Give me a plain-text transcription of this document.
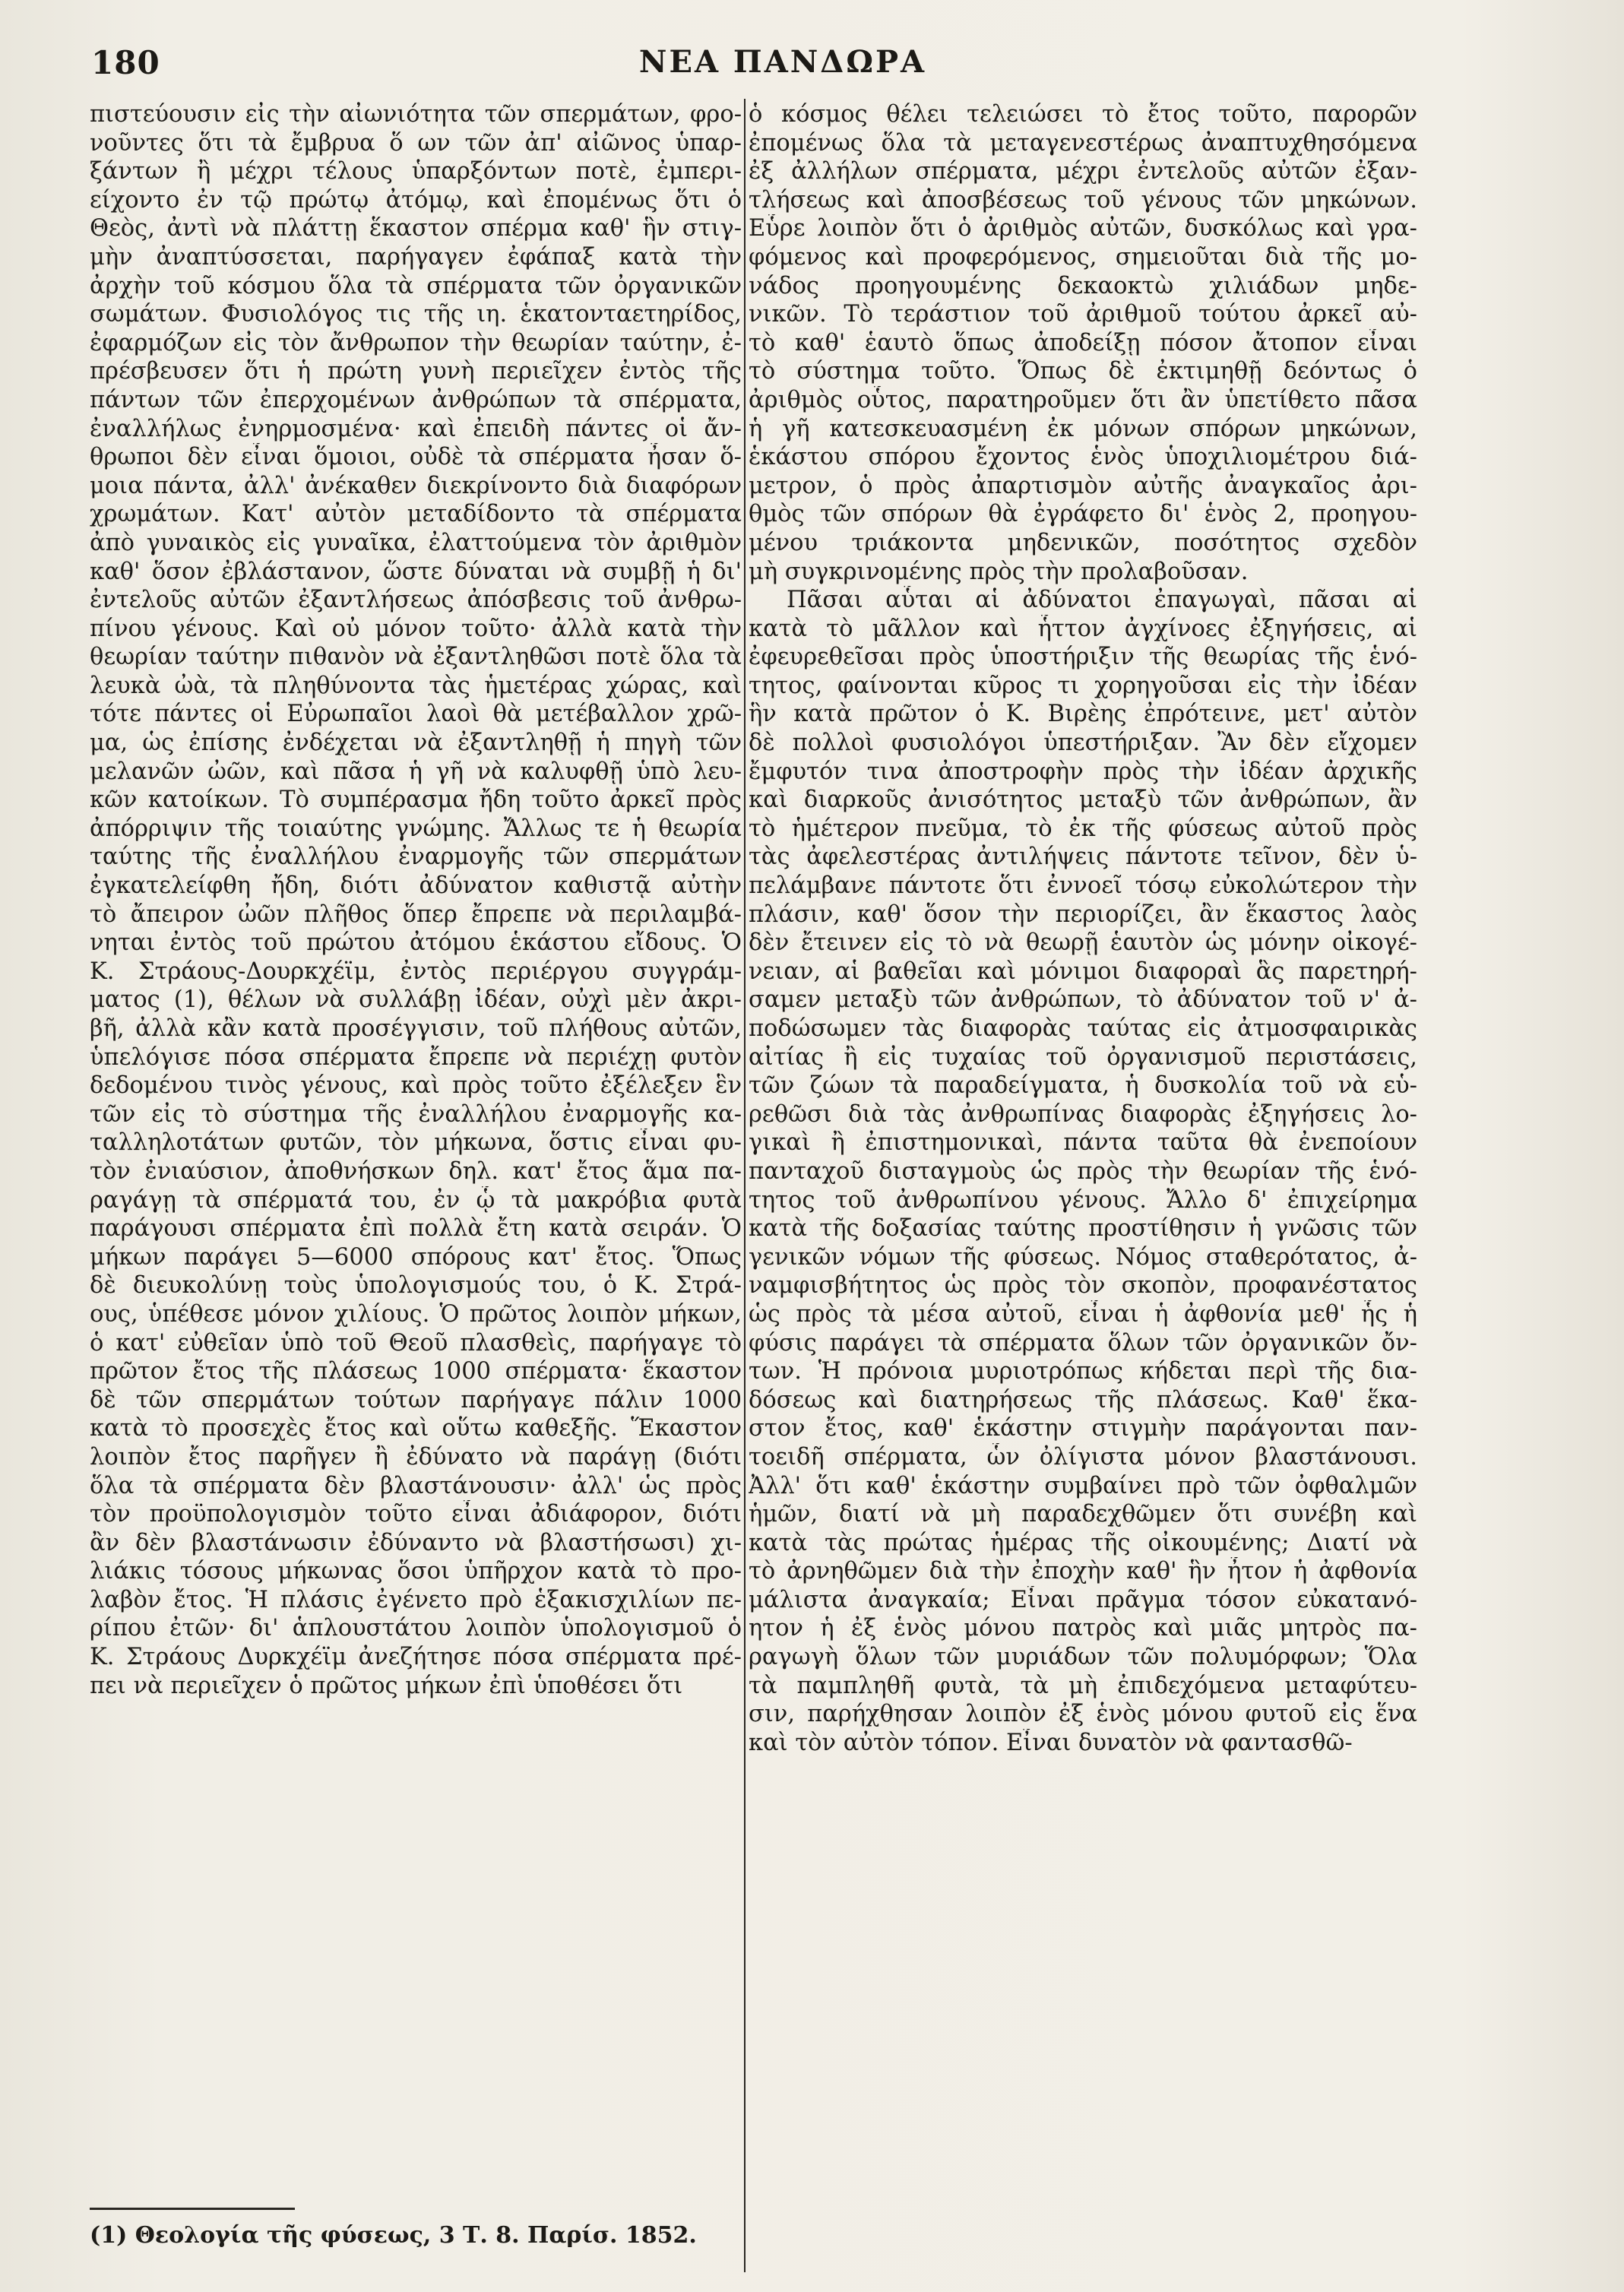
180	ΝΕΑ ΠΑΝΔΩΡΑ
πιστεύουσιν εἰς τὴν αἰωνιότητα τῶν σπερμάτων, φρο-
νοῦντες ὅτι τὰ ἔμβρυα ὅ ων τῶν ἀπ' αἰῶνος ὑπαρ-
ξάντων ἢ μέχρι τέλους ὑπαρξόντων ποτὲ, ἐμπερι-
είχοντο ἐν τῷ πρώτῳ ἀτόμῳ, καὶ ἐπομένως ὅτι ὁ
Θεὸς, ἀντὶ νὰ πλάττῃ ἕκαστον σπέρμα καθ' ἣν στιγ-
μὴν ἀναπτύσσεται, παρήγαγεν ἐφάπαξ κατὰ τὴν
ἀρχὴν τοῦ κόσμου ὅλα τὰ σπέρματα τῶν ὀργανικῶν
σωμάτων. Φυσιολόγος τις τῆς ιη. ἑκατονταετηρίδος,
ἐφαρμόζων εἰς τὸν ἄνθρωπον τὴν θεωρίαν ταύτην, ἐ-
πρέσβευσεν ὅτι ἡ πρώτη γυνὴ περιεῖχεν ἐντὸς τῆς
πάντων τῶν ἐπερχομένων ἀνθρώπων τὰ σπέρματα,
ἐναλλήλως ἐνηρμοσμένα· καὶ ἐπειδὴ πάντες οἱ ἄν-
θρωποι δὲν εἶναι ὅμοιοι, οὐδὲ τὰ σπέρματα ἦσαν ὅ-
μοια πάντα, ἀλλ' ἀνέκαθεν διεκρίνοντο διὰ διαφόρων
χρωμάτων. Κατ' αὐτὸν μεταδίδοντο τὰ σπέρματα
ἀπὸ γυναικὸς εἰς γυναῖκα, ἐλαττούμενα τὸν ἀριθμὸν
καθ' ὅσον ἐβλάστανον, ὥστε δύναται νὰ συμβῇ ἡ δι'
ἐντελοῦς αὐτῶν ἐξαντλήσεως ἀπόσβεσις τοῦ ἀνθρω-
πίνου γένους. Καὶ οὐ μόνον τοῦτο· ἀλλὰ κατὰ τὴν
θεωρίαν ταύτην πιθανὸν νὰ ἐξαντληθῶσι ποτὲ ὅλα τὰ
λευκὰ ὠὰ, τὰ πληθύνοντα τὰς ἡμετέρας χώρας, καὶ
τότε πάντες οἱ Εὐρωπαῖοι λαοὶ θὰ μετέβαλλον χρῶ-
μα, ὡς ἐπίσης ἐνδέχεται νὰ ἐξαντληθῇ ἡ πηγὴ τῶν
μελανῶν ὠῶν, καὶ πᾶσα ἡ γῆ νὰ καλυφθῇ ὑπὸ λευ-
κῶν κατοίκων. Τὸ συμπέρασμα ἤδη τοῦτο ἀρκεῖ πρὸς
ἀπόρριψιν τῆς τοιαύτης γνώμης. Ἄλλως τε ἡ θεωρία
ταύτης τῆς ἐναλλήλου ἐναρμογῆς τῶν σπερμάτων
ἐγκατελείφθη ἤδη, διότι ἀδύνατον καθιστᾷ αὐτὴν
τὸ ἄπειρον ὠῶν πλῆθος ὅπερ ἔπρεπε νὰ περιλαμβά-
νηται ἐντὸς τοῦ πρώτου ἀτόμου ἑκάστου εἴδους. Ὁ
Κ. Στράους-Δουρκχέϊμ, ἐντὸς περιέργου συγγράμ-
ματος (1), θέλων νὰ συλλάβῃ ἰδέαν, οὐχὶ μὲν ἀκρι-
βῆ, ἀλλὰ κἂν κατὰ προσέγγισιν, τοῦ πλήθους αὐτῶν,
ὑπελόγισε πόσα σπέρματα ἔπρεπε νὰ περιέχῃ φυτὸν
δεδομένου τινὸς γένους, καὶ πρὸς τοῦτο ἐξέλεξεν ἓν
τῶν εἰς τὸ σύστημα τῆς ἐναλλήλου ἐναρμογῆς κα-
ταλληλοτάτων φυτῶν, τὸν μήκωνα, ὅστις εἶναι φυ-
τὸν ἐνιαύσιον, ἀποθνήσκων δηλ. κατ' ἔτος ἅμα πα-
ραγάγῃ τὰ σπέρματά του, ἐν ᾧ τὰ μακρόβια φυτὰ
παράγουσι σπέρματα ἐπὶ πολλὰ ἔτη κατὰ σειράν. Ὁ
μήκων παράγει 5—6000 σπόρους κατ' ἔτος. Ὅπως
δὲ διευκολύνῃ τοὺς ὑπολογισμούς του, ὁ Κ. Στρά-
ους, ὑπέθεσε μόνον χιλίους. Ὁ πρῶτος λοιπὸν μήκων,
ὁ κατ' εὐθεῖαν ὑπὸ τοῦ Θεοῦ πλασθεὶς, παρήγαγε τὸ
πρῶτον ἔτος τῆς πλάσεως 1000 σπέρματα· ἕκαστον
δὲ τῶν σπερμάτων τούτων παρήγαγε πάλιν 1000
κατὰ τὸ προσεχὲς ἔτος καὶ οὕτω καθεξῆς. Ἕκαστον
λοιπὸν ἔτος παρῆγεν ἢ ἐδύνατο νὰ παράγῃ (διότι
ὅλα τὰ σπέρματα δὲν βλαστάνουσιν· ἀλλ' ὡς πρὸς
τὸν προϋπολογισμὸν τοῦτο εἶναι ἀδιάφορον, διότι
ἂν δὲν βλαστάνωσιν ἐδύναντο νὰ βλαστήσωσι) χι-
λιάκις τόσους μήκωνας ὅσοι ὑπῆρχον κατὰ τὸ προ-
λαβὸν ἔτος. Ἡ πλάσις ἐγένετο πρὸ ἑξακισχιλίων πε-
ρίπου ἐτῶν· δι' ἁπλουστάτου λοιπὸν ὑπολογισμοῦ ὁ
Κ. Στράους Δυρκχέϊμ ἀνεζήτησε πόσα σπέρματα πρέ-
πει νὰ περιεῖχεν ὁ πρῶτος μήκων ἐπὶ ὑποθέσει ὅτι
ὁ κόσμος θέλει τελειώσει τὸ ἔτος τοῦτο, παρορῶν
ἐπομένως ὅλα τὰ μεταγενεστέρως ἀναπτυχθησόμενα
ἐξ ἀλλήλων σπέρματα, μέχρι ἐντελοῦς αὐτῶν ἐξαν-
τλήσεως καὶ ἀποσβέσεως τοῦ γένους τῶν μηκώνων.
Εὗρε λοιπὸν ὅτι ὁ ἀριθμὸς αὐτῶν, δυσκόλως καὶ γρα-
φόμενος καὶ προφερόμενος, σημειοῦται διὰ τῆς μο-
νάδος προηγουμένης δεκαοκτὼ χιλιάδων μηδε-
νικῶν. Τὸ τεράστιον τοῦ ἀριθμοῦ τούτου ἀρκεῖ αὐ-
τὸ καθ' ἑαυτὸ ὅπως ἀποδείξῃ πόσον ἄτοπον εἶναι
τὸ σύστημα τοῦτο. Ὅπως δὲ ἐκτιμηθῇ δεόντως ὁ
ἀριθμὸς οὗτος, παρατηροῦμεν ὅτι ἂν ὑπετίθετο πᾶσα
ἡ γῆ κατεσκευασμένη ἐκ μόνων σπόρων μηκώνων,
ἑκάστου σπόρου ἔχοντος ἑνὸς ὑποχιλιομέτρου διά-
μετρον, ὁ πρὸς ἀπαρτισμὸν αὐτῆς ἀναγκαῖος ἀρι-
θμὸς τῶν σπόρων θὰ ἐγράφετο δι' ἑνὸς 2, προηγου-
μένου τριάκοντα μηδενικῶν, ποσότητος σχεδὸν
μὴ συγκρινομένης πρὸς τὴν προλαβοῦσαν.
Πᾶσαι αὗται αἱ ἀδύνατοι ἐπαγωγαὶ, πᾶσαι αἱ
κατὰ τὸ μᾶλλον καὶ ἧττον ἀγχίνοες ἐξηγήσεις, αἱ
ἐφευρεθεῖσαι πρὸς ὑποστήριξιν τῆς θεωρίας τῆς ἑνό-
τητος, φαίνονται κῦρος τι χορηγοῦσαι εἰς τὴν ἰδέαν
ἣν κατὰ πρῶτον ὁ Κ. Βιρὲης ἐπρότεινε, μετ' αὐτὸν
δὲ πολλοὶ φυσιολόγοι ὑπεστήριξαν. Ἂν δὲν εἴχομεν
ἔμφυτόν τινα ἀποστροφὴν πρὸς τὴν ἰδέαν ἀρχικῆς
καὶ διαρκοῦς ἀνισότητος μεταξὺ τῶν ἀνθρώπων, ἂν
τὸ ἡμέτερον πνεῦμα, τὸ ἐκ τῆς φύσεως αὐτοῦ πρὸς
τὰς ἀφελεστέρας ἀντιλήψεις πάντοτε τεῖνον, δὲν ὑ-
πελάμβανε πάντοτε ὅτι ἐννοεῖ τόσῳ εὐκολώτερον τὴν
πλάσιν, καθ' ὅσον τὴν περιορίζει, ἂν ἕκαστος λαὸς
δὲν ἔτεινεν εἰς τὸ νὰ θεωρῇ ἑαυτὸν ὡς μόνην οἰκογέ-
νειαν, αἱ βαθεῖαι καὶ μόνιμοι διαφοραὶ ἃς παρετηρή-
σαμεν μεταξὺ τῶν ἀνθρώπων, τὸ ἀδύνατον τοῦ ν' ἀ-
ποδώσωμεν τὰς διαφορὰς ταύτας εἰς ἀτμοσφαιρικὰς
αἰτίας ἢ εἰς τυχαίας τοῦ ὀργανισμοῦ περιστάσεις,
τῶν ζώων τὰ παραδείγματα, ἡ δυσκολία τοῦ νὰ εὑ-
ρεθῶσι διὰ τὰς ἀνθρωπίνας διαφορὰς ἐξηγήσεις λο-
γικαὶ ἢ ἐπιστημονικαὶ, πάντα ταῦτα θὰ ἐνεποίουν
πανταχοῦ δισταγμοὺς ὡς πρὸς τὴν θεωρίαν τῆς ἑνό-
τητος τοῦ ἀνθρωπίνου γένους. Ἄλλο δ' ἐπιχείρημα
κατὰ τῆς δοξασίας ταύτης προστίθησιν ἡ γνῶσις τῶν
γενικῶν νόμων τῆς φύσεως. Νόμος σταθερότατος, ἀ-
ναμφισβήτητος ὡς πρὸς τὸν σκοπὸν, προφανέστατος
ὡς πρὸς τὰ μέσα αὐτοῦ, εἶναι ἡ ἀφθονία μεθ' ἧς ἡ
φύσις παράγει τὰ σπέρματα ὅλων τῶν ὀργανικῶν ὄν-
των. Ἡ πρόνοια μυριοτρόπως κήδεται περὶ τῆς δια-
δόσεως καὶ διατηρήσεως τῆς πλάσεως. Καθ' ἕκα-
στον ἔτος, καθ' ἑκάστην στιγμὴν παράγονται παν-
τοειδῆ σπέρματα, ὧν ὀλίγιστα μόνον βλαστάνουσι.
Ἀλλ' ὅτι καθ' ἑκάστην συμβαίνει πρὸ τῶν ὀφθαλμῶν
ἡμῶν, διατί νὰ μὴ παραδεχθῶμεν ὅτι συνέβη καὶ
κατὰ τὰς πρώτας ἡμέρας τῆς οἰκουμένης; Διατί νὰ
τὸ ἀρνηθῶμεν διὰ τὴν ἐποχὴν καθ' ἣν ἦτον ἡ ἀφθονία
μάλιστα ἀναγκαία; Εἶναι πρᾶγμα τόσον εὐκατανό-
ητον ἡ ἐξ ἑνὸς μόνου πατρὸς καὶ μιᾶς μητρὸς πα-
ραγωγὴ ὅλων τῶν μυριάδων τῶν πολυμόρφων; Ὅλα
τὰ παμπληθῆ φυτὰ, τὰ μὴ ἐπιδεχόμενα μεταφύτευ-
σιν, παρήχθησαν λοιπὸν ἐξ ἑνὸς μόνου φυτοῦ εἰς ἕνα
καὶ τὸν αὐτὸν τόπον. Εἶναι δυνατὸν νὰ φαντασθῶ-
(1) Θεολογία τῆς φύσεως, 3 Τ. 8. Παρίσ. 1852.
